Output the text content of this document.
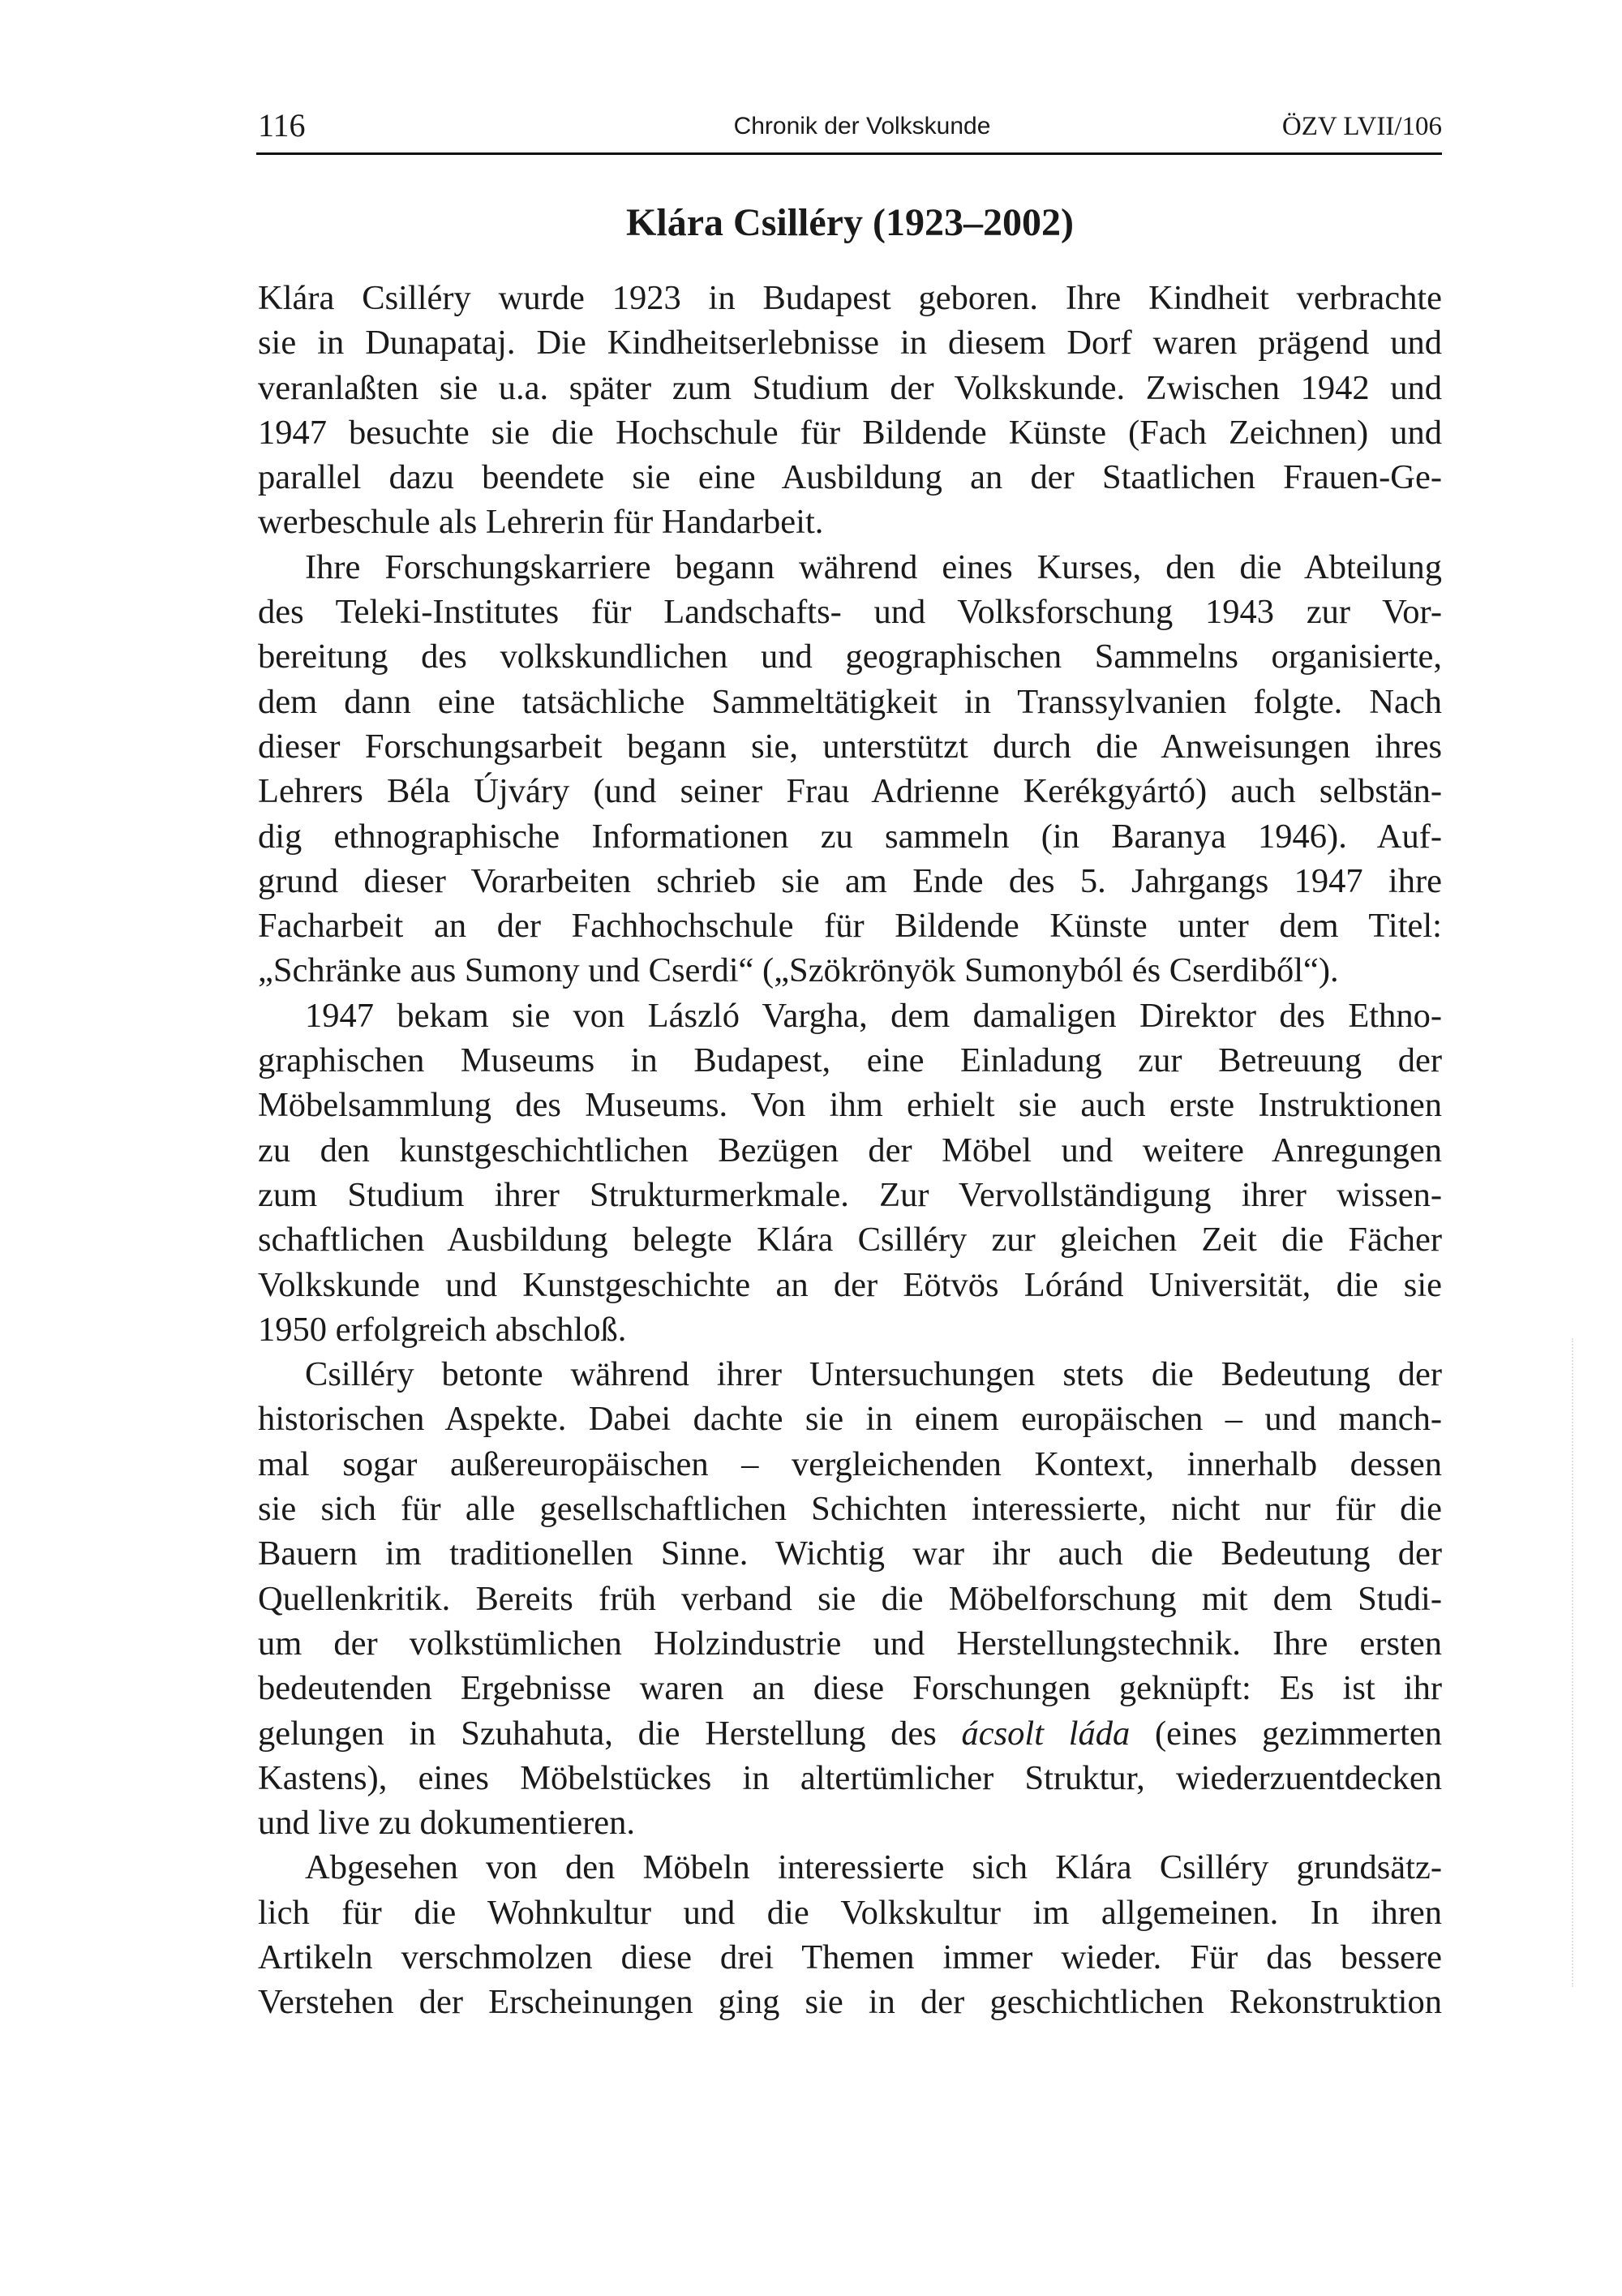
116	Chronik der Volkskunde	ÖZV LVII/106
Klára Csilléry (1923–2002)
Klára Csilléry wurde 1923 in Budapest geboren. Ihre Kindheit verbrachte
sie in Dunapataj. Die Kindheitserlebnisse in diesem Dorf waren prägend und
veranlaßten sie u.a. später zum Studium der Volkskunde. Zwischen 1942 und
1947 besuchte sie die Hochschule für Bildende Künste (Fach Zeichnen) und
parallel dazu beendete sie eine Ausbildung an der Staatlichen Frauen-Ge-
werbeschule als Lehrerin für Handarbeit.
Ihre Forschungskarriere begann während eines Kurses, den die Abteilung
des Teleki-Institutes für Landschafts- und Volksforschung 1943 zur Vor-
bereitung des volkskundlichen und geographischen Sammelns organisierte,
dem dann eine tatsächliche Sammeltätigkeit in Transsylvanien folgte. Nach
dieser Forschungsarbeit begann sie, unterstützt durch die Anweisungen ihres
Lehrers Béla Újváry (und seiner Frau Adrienne Kerékgyártó) auch selbstän-
dig ethnographische Informationen zu sammeln (in Baranya 1946). Auf-
grund dieser Vorarbeiten schrieb sie am Ende des 5. Jahrgangs 1947 ihre
Facharbeit an der Fachhochschule für Bildende Künste unter dem Titel:
„Schränke aus Sumony und Cserdi“ („Szökrönyök Sumonyból és Cserdiből“).
1947 bekam sie von László Vargha, dem damaligen Direktor des Ethno-
graphischen Museums in Budapest, eine Einladung zur Betreuung der
Möbelsammlung des Museums. Von ihm erhielt sie auch erste Instruktionen
zu den kunstgeschichtlichen Bezügen der Möbel und weitere Anregungen
zum Studium ihrer Strukturmerkmale. Zur Vervollständigung ihrer wissen-
schaftlichen Ausbildung belegte Klára Csilléry zur gleichen Zeit die Fächer
Volkskunde und Kunstgeschichte an der Eötvös Lóránd Universität, die sie
1950 erfolgreich abschloß.
Csilléry betonte während ihrer Untersuchungen stets die Bedeutung der
historischen Aspekte. Dabei dachte sie in einem europäischen – und manch-
mal sogar außereuropäischen – vergleichenden Kontext, innerhalb dessen
sie sich für alle gesellschaftlichen Schichten interessierte, nicht nur für die
Bauern im traditionellen Sinne. Wichtig war ihr auch die Bedeutung der
Quellenkritik. Bereits früh verband sie die Möbelforschung mit dem Studi-
um der volkstümlichen Holzindustrie und Herstellungstechnik. Ihre ersten
bedeutenden Ergebnisse waren an diese Forschungen geknüpft: Es ist ihr
gelungen in Szuhahuta, die Herstellung des ácsolt láda (eines gezimmerten
Kastens), eines Möbelstückes in altertümlicher Struktur, wiederzuentdecken
und live zu dokumentieren.
Abgesehen von den Möbeln interessierte sich Klára Csilléry grundsätz-
lich für die Wohnkultur und die Volkskultur im allgemeinen. In ihren
Artikeln verschmolzen diese drei Themen immer wieder. Für das bessere
Verstehen der Erscheinungen ging sie in der geschichtlichen Rekonstruktion
